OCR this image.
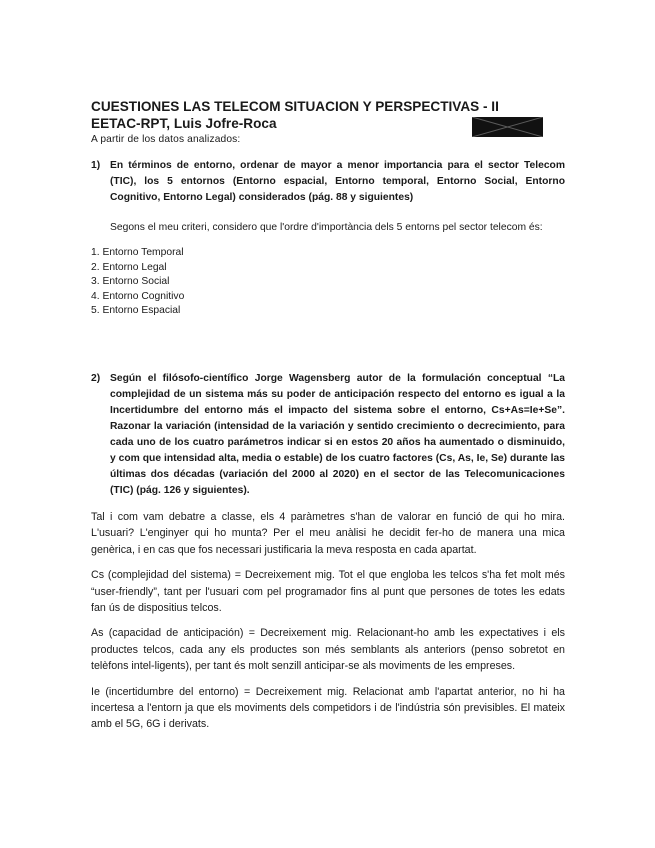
CUESTIONES LAS TELECOM SITUACION Y PERSPECTIVAS - II
EETAC-RPT, Luis Jofre-Roca
A partir de los datos analizados:
1) En términos de entorno, ordenar de mayor a menor importancia para el sector Telecom (TIC), los 5 entornos (Entorno espacial, Entorno temporal, Entorno Social, Entorno Cognitivo, Entorno Legal) considerados (pág. 88 y siguientes)
Segons el meu criteri, considero que l'ordre d'importància dels 5 entorns pel sector telecom és:
1. Entorno Temporal
2. Entorno Legal
3. Entorno Social
4. Entorno Cognitivo
5. Entorno Espacial
2) Según el filósofo-científico Jorge Wagensberg autor de la formulación conceptual “La complejidad de un sistema más su poder de anticipación respecto del entorno es igual a la Incertidumbre del entorno más el impacto del sistema sobre el entorno, Cs+As=Ie+Se”. Razonar la variación (intensidad de la variación y sentido crecimiento o decrecimiento, para cada uno de los cuatro parámetros indicar si en estos 20 años ha aumentado o disminuido, y com que intensidad alta, media o estable) de los cuatro factores (Cs, As, Ie, Se) durante las últimas dos décadas (variación del 2000 al 2020) en el sector de las Telecomunicaciones (TIC) (pág. 126 y siguientes).

Tal i com vam debatre a classe, els 4 paràmetres s'han de valorar en funció de qui ho mira. L'usuari? L'enginyer qui ho munta? Per el meu anàlisi he decidit fer-ho de manera una mica genèrica, i en cas que fos necessari justificaria la meva resposta en cada apartat.

Cs (complejidad del sistema) = Decreixement mig. Tot el que engloba les telcos s'ha fet molt més “user-friendly”, tant per l'usuari com pel programador fins al punt que persones de totes les edats fan ús de dispositius telcos.

As (capacidad de anticipación) = Decreixement mig. Relacionant-ho amb les expectatives i els productes telcos, cada any els productes son més semblants als anteriors (penso sobretot en telèfons intel-ligents), per tant és molt senzill anticipar-se als moviments de les empreses.

Ie (incertidumbre del entorno) = Decreixement mig. Relacionat amb l'apartat anterior, no hi ha incertesa a l'entorn ja que els moviments dels competidors i de l'indústria són previsibles. El mateix amb el 5G, 6G i derivats.
